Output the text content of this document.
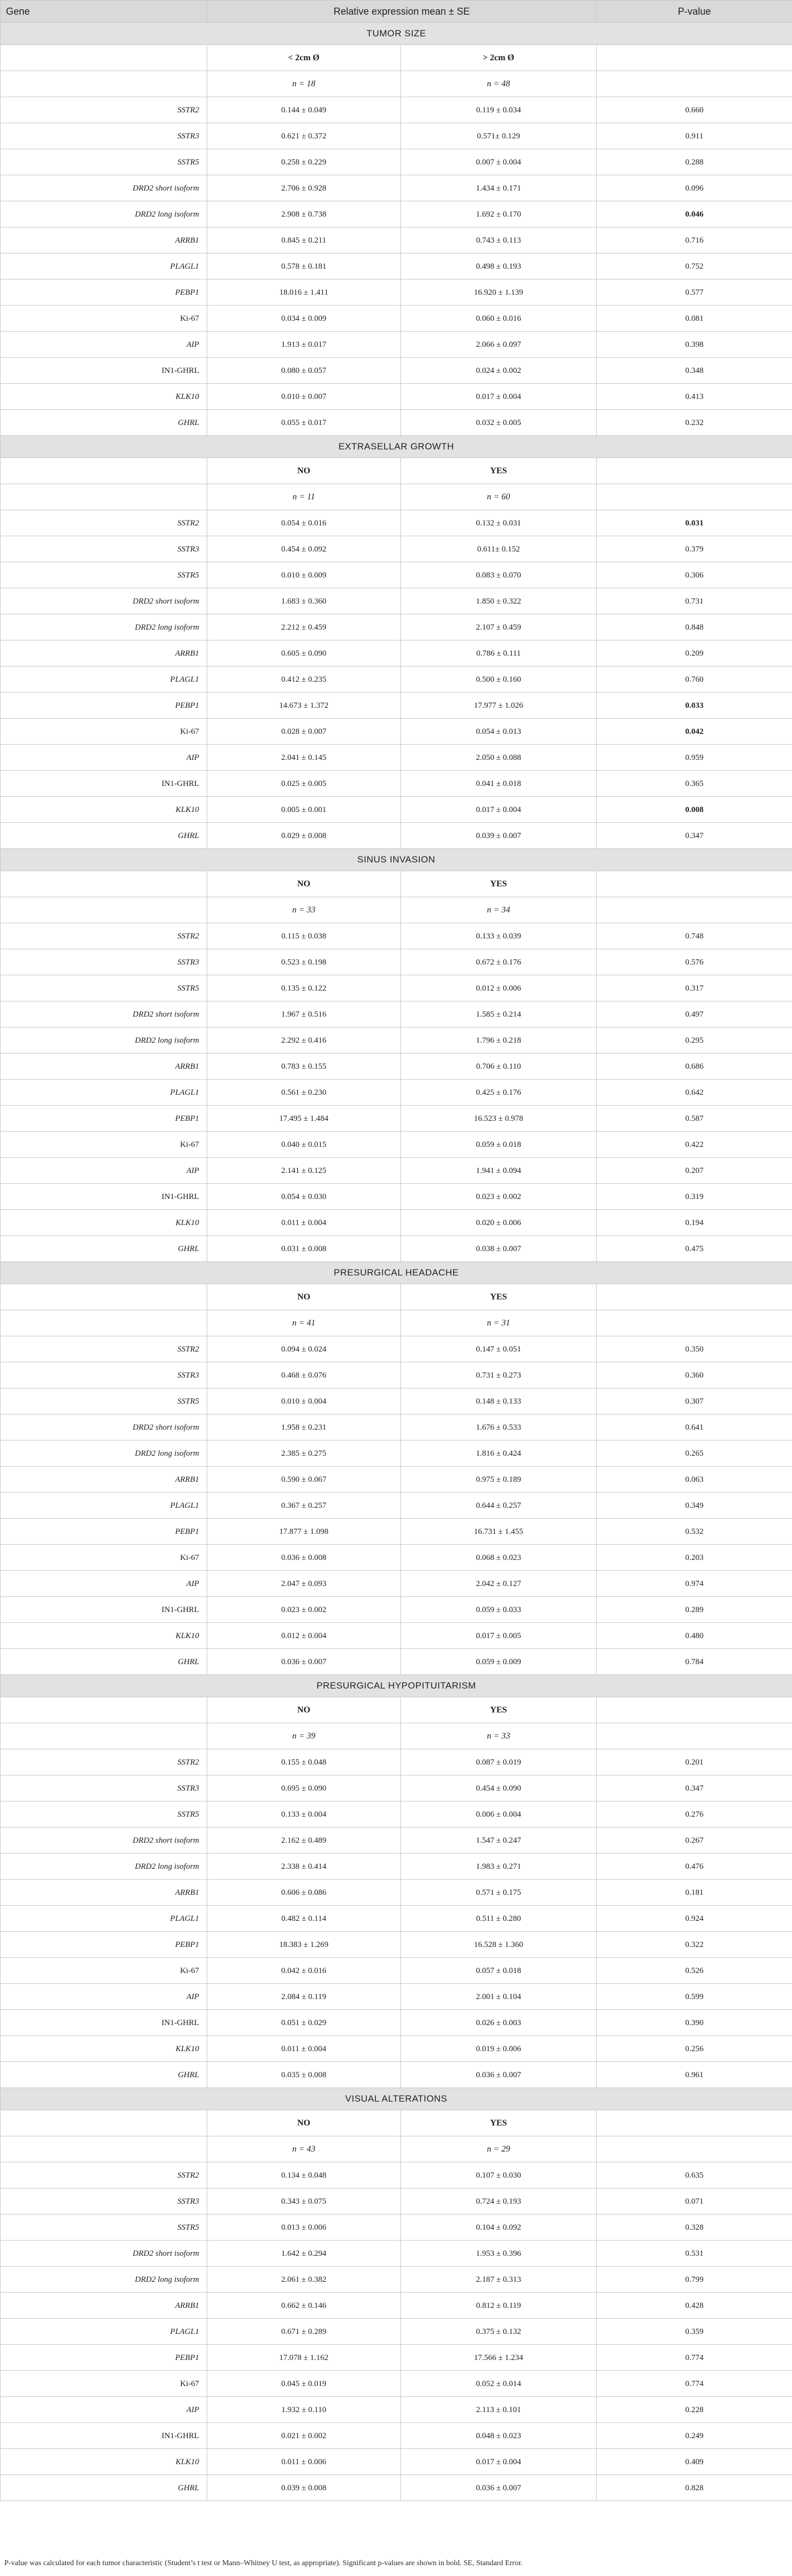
Gene	Relative expression mean ± SE		P-value
TUMOR SIZE			
	< 2cm Ø	> 2cm Ø	
	n = 18	n = 48	
SSTR2	0.144 ± 0.049	0.119 ± 0.034	0.660
SSTR3	0.621 ± 0.372	0.571± 0.129	0.911
SSTR5	0.258 ± 0.229	0.007 ± 0.004	0.288
DRD2 short isoform	2.706 ± 0.928	1.434 ± 0.171	0.096
DRD2 long isoform	2.908 ± 0.738	1.692 ± 0.170	0.046
ARRB1	0.845 ± 0.211	0.743 ± 0.113	0.716
PLAGL1	0.578 ± 0.181	0.498 ± 0.193	0.752
PEBP1	18.016 ± 1.411	16.920 ± 1.139	0.577
Ki-67	0.034 ± 0.009	0.060 ± 0.016	0.081
AIP	1.913 ± 0.017	2.066 ± 0.097	0.398
IN1-GHRL	0.080 ± 0.057	0.024 ± 0.002	0.348
KLK10	0.010 ± 0.007	0.017 ± 0.004	0.413
GHRL	0.055 ± 0.017	0.032 ± 0.005	0.232
EXTRASELLAR GROWTH			
	NO	YES	
	n = 11	n = 60	
SSTR2	0.054 ± 0.016	0.132 ± 0.031	0.031
SSTR3	0.454 ± 0.092	0.611± 0.152	0.379
SSTR5	0.010 ± 0.009	0.083 ± 0.070	0.306
DRD2 short isoform	1.683 ± 0.360	1.850 ± 0.322	0.731
DRD2 long isoform	2.212 ± 0.459	2.107 ± 0.459	0.848
ARRB1	0.605 ± 0.090	0.786 ± 0.111	0.209
PLAGL1	0.412 ± 0.235	0.500 ± 0.160	0.760
PEBP1	14.673 ± 1.372	17.977 ± 1.026	0.033
Ki-67	0.028 ± 0.007	0.054 ± 0.013	0.042
AIP	2.041 ± 0.145	2.050 ± 0.088	0.959
IN1-GHRL	0.025 ± 0.005	0.041 ± 0.018	0.365
KLK10	0.005 ± 0.001	0.017 ± 0.004	0.008
GHRL	0.029 ± 0.008	0.039 ± 0.007	0.347
SINUS INVASION			
	NO	YES	
	n = 33	n = 34	
SSTR2	0.115 ± 0.038	0.133 ± 0.039	0.748
SSTR3	0.523 ± 0.198	0.672 ± 0.176	0.576
SSTR5	0.135 ± 0.122	0.012 ± 0.006	0.317
DRD2 short isoform	1.967 ± 0.516	1.585 ± 0.214	0.497
DRD2 long isoform	2.292 ± 0.416	1.796 ± 0.218	0.295
ARRB1	0.783 ± 0.155	0.706 ± 0.110	0.686
PLAGL1	0.561 ± 0.230	0.425 ± 0.176	0.642
PEBP1	17.495 ± 1.484	16.523 ± 0.978	0.587
Ki-67	0.040 ± 0.015	0.059 ± 0.018	0.422
AIP	2.141 ± 0.125	1.941 ± 0.094	0.207
IN1-GHRL	0.054 ± 0.030	0.023 ± 0.002	0.319
KLK10	0.011 ± 0.004	0.020 ± 0.006	0.194
GHRL	0.031 ± 0.008	0.038 ± 0.007	0.475
PRESURGICAL HEADACHE			
	NO	YES	
	n = 41	n = 31	
SSTR2	0.094 ± 0.024	0.147 ± 0.051	0.350
SSTR3	0.468 ± 0.076	0.731 ± 0.273	0.360
SSTR5	0.010 ± 0.004	0.148 ± 0.133	0.307
DRD2 short isoform	1.958 ± 0.231	1.676 ± 0.533	0.641
DRD2 long isoform	2.385 ± 0.275	1.816 ± 0.424	0.265
ARRB1	0.590 ± 0.067	0.975 ± 0.189	0.063
PLAGL1	0.367 ± 0.257	0.644 ± 0.257	0.349
PEBP1	17.877 ± 1.098	16.731 ± 1.455	0.532
Ki-67	0.036 ± 0.008	0.068 ± 0.023	0.203
AIP	2.047 ± 0.093	2.042 ± 0.127	0.974
IN1-GHRL	0.023 ± 0.002	0.059 ± 0.033	0.289
KLK10	0.012 ± 0.004	0.017 ± 0.005	0.480
GHRL	0.036 ± 0.007	0.059 ± 0.009	0.784
PRESURGICAL HYPOPITUITARISM			
	NO	YES	
	n = 39	n = 33	
SSTR2	0.155 ± 0.048	0.087 ± 0.019	0.201
SSTR3	0.695 ± 0.090	0.454 ± 0.090	0.347
SSTR5	0.133 ± 0.004	0.006 ± 0.004	0.276
DRD2 short isoform	2.162 ± 0.489	1.547 ± 0.247	0.267
DRD2 long isoform	2.338 ± 0.414	1.983 ± 0.271	0.476
ARRB1	0.606 ± 0.086	0.571 ± 0.175	0.181
PLAGL1	0.482 ± 0.114	0.511 ± 0.280	0.924
PEBP1	18.383 ± 1.269	16.528 ± 1.360	0.322
Ki-67	0.042 ± 0.016	0.057 ± 0.018	0.526
AIP	2.084 ± 0.119	2.001 ± 0.104	0.599
IN1-GHRL	0.051 ± 0.029	0.026 ± 0.003	0.390
KLK10	0.011 ± 0.004	0.019 ± 0.006	0.256
GHRL	0.035 ± 0.008	0.036 ± 0.007	0.961
VISUAL ALTERATIONS			
	NO	YES	
	n = 43	n = 29	
SSTR2	0.134 ± 0.048	0.107 ± 0.030	0.635
SSTR3	0.343 ± 0.075	0.724 ± 0.193	0.071
SSTR5	0.013 ± 0.006	0.104 ± 0.092	0.328
DRD2 short isoform	1.642 ± 0.294	1.953 ± 0.396	0.531
DRD2 long isoform	2.061 ± 0.382	2.187 ± 0.313	0.799
ARRB1	0.662 ± 0.146	0.812 ± 0.119	0.428
PLAGL1	0.671 ± 0.289	0.375 ± 0.132	0.359
PEBP1	17.078 ± 1.162	17.566 ± 1.234	0.774
Ki-67	0.045 ± 0.019	0.052 ± 0.014	0.774
AIP	1.932 ± 0.110	2.113 ± 0.101	0.228
IN1-GHRL	0.021 ± 0.002	0.048 ± 0.023	0.249
KLK10	0.011 ± 0.006	0.017 ± 0.004	0.409
GHRL	0.039 ± 0.008	0.036 ± 0.007	0.828
P-value was calculated for each tumor characteristic (Student’s t test or Mann–Whitney U test, as appropriate). Significant p-values are shown in bold. SE, Standard Error.
